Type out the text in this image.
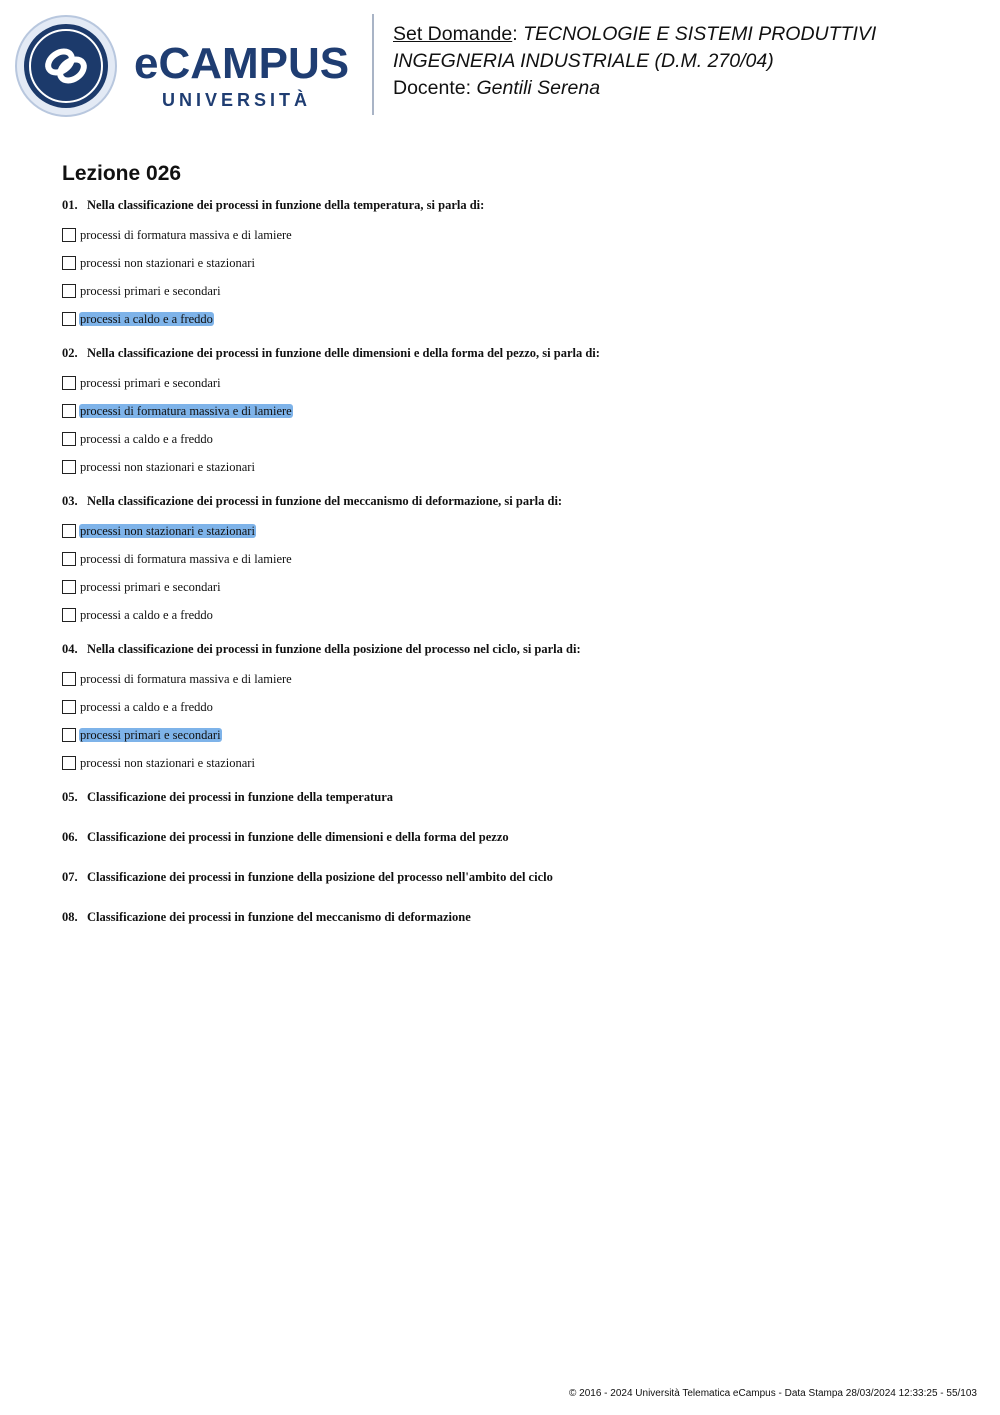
eCAMPUS
UNIVERSITÀ
Set Domande: TECNOLOGIE E SISTEMI PRODUTTIVI
INGEGNERIA INDUSTRIALE (D.M. 270/04)
Docente: Gentili Serena
Lezione 026

01. Nella classificazione dei processi in funzione della temperatura, si parla di:

processi di formatura massiva e di lamiere
processi non stazionari e stazionari
processi primari e secondari
processi a caldo e a freddo

02. Nella classificazione dei processi in funzione delle dimensioni e della forma del pezzo, si parla di:

processi primari e secondari
processi di formatura massiva e di lamiere
processi a caldo e a freddo
processi non stazionari e stazionari

03. Nella classificazione dei processi in funzione del meccanismo di deformazione, si parla di:

processi non stazionari e stazionari
processi di formatura massiva e di lamiere
processi primari e secondari
processi a caldo e a freddo

04. Nella classificazione dei processi in funzione della posizione del processo nel ciclo, si parla di:

processi di formatura massiva e di lamiere
processi a caldo e a freddo
processi primari e secondari
processi non stazionari e stazionari

05. Classificazione dei processi in funzione della temperatura

06. Classificazione dei processi in funzione delle dimensioni e della forma del pezzo

07. Classificazione dei processi in funzione della posizione del processo nell'ambito del ciclo

08. Classificazione dei processi in funzione del meccanismo di deformazione

© 2016 - 2024 Università Telematica eCampus - Data Stampa 28/03/2024 12:33:25 - 55/103
